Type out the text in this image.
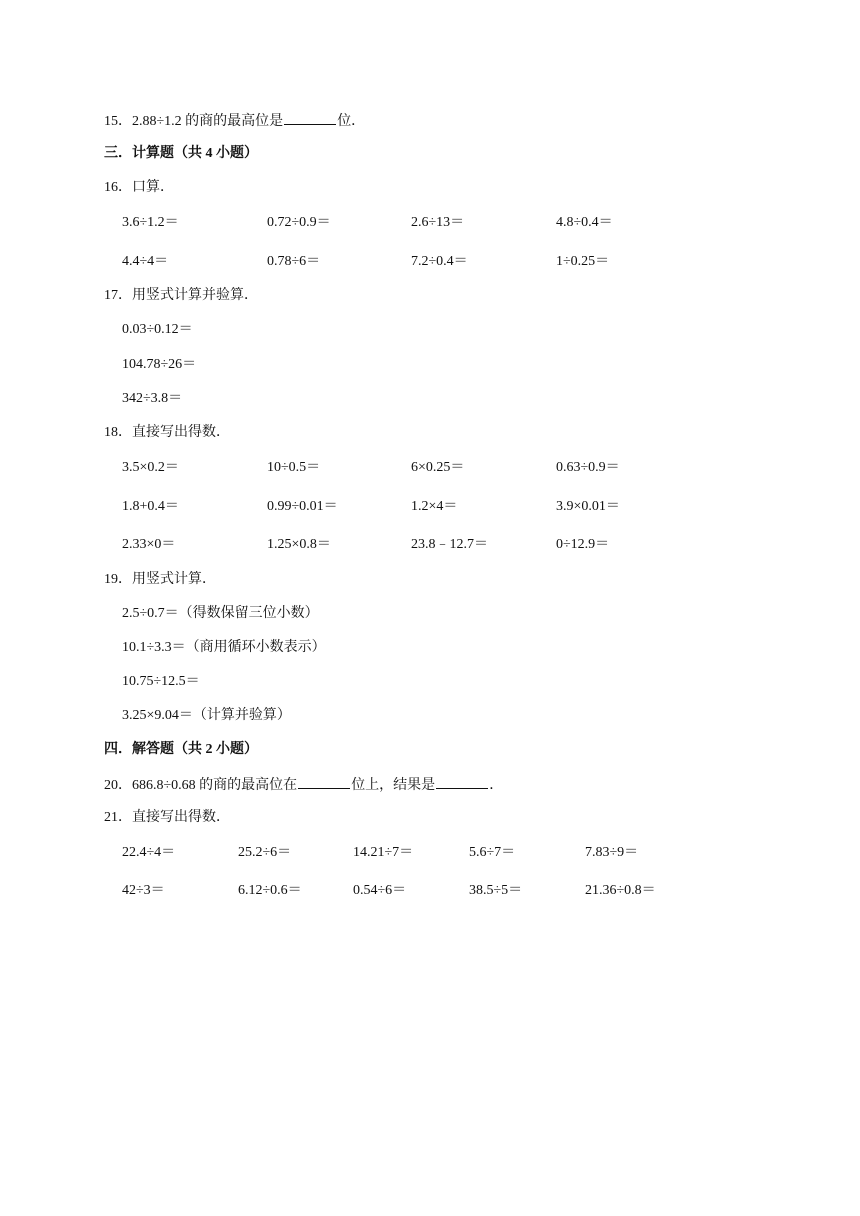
15．2.88÷1.2 的商的最高位是	位．
三．计算题（共 4 小题）
16．口算．
3.6÷1.2＝	0.72÷0.9＝	2.6÷13＝	4.8÷0.4＝
4.4÷4＝	0.78÷6＝	7.2÷0.4＝	1÷0.25＝
17．用竖式计算并验算．
0.03÷0.12＝
104.78÷26＝
342÷3.8＝
18．直接写出得数．
3.5×0.2＝	10÷0.5＝	6×0.25＝	0.63÷0.9＝
1.8+0.4＝	0.99÷0.01＝	1.2×4＝	3.9×0.01＝
2.33×0＝	1.25×0.8＝	23.8﹣12.7＝	0÷12.9＝
19．用竖式计算．
2.5÷0.7＝（得数保留三位小数）
10.1÷3.3＝（商用循环小数表示）
10.75÷12.5＝
3.25×9.04＝（计算并验算）
四．解答题（共 2 小题）
20．686.8÷0.68 的商的最高位在	位上，结果是	．
21．直接写出得数．
22.4÷4＝	25.2÷6＝	14.21÷7＝	5.6÷7＝	7.83÷9＝
42÷3＝	6.12÷0.6＝	0.54÷6＝	38.5÷5＝	21.36÷0.8＝
